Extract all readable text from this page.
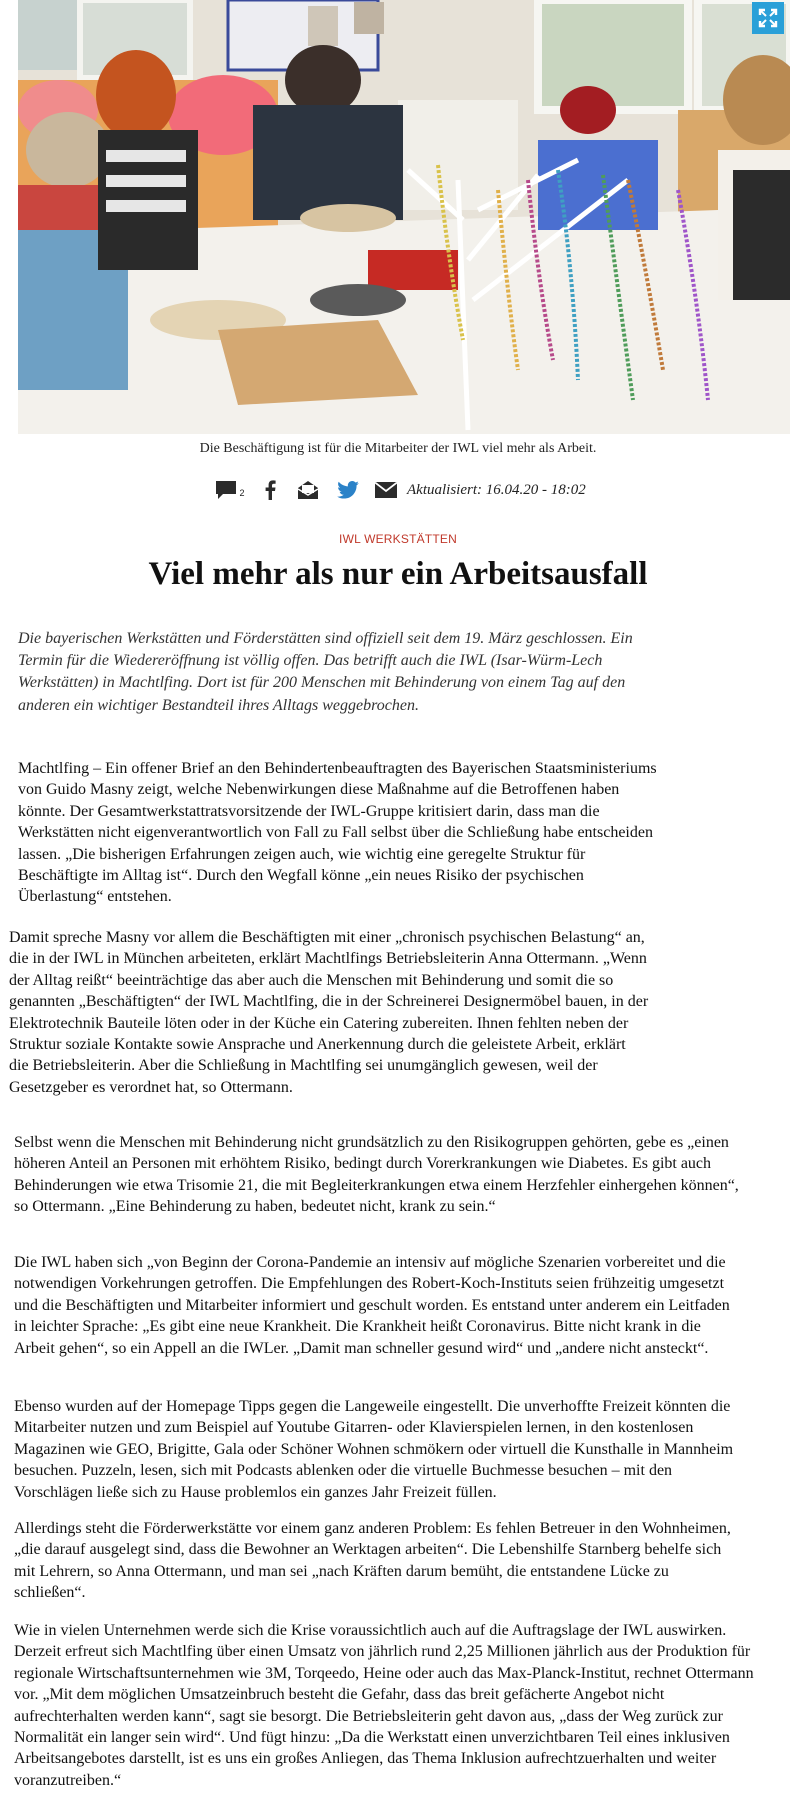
Die Beschäftigung ist für die Mitarbeiter der IWL viel mehr als Arbeit.
2	Aktualisiert: 16.04.20 - 18:02
IWL WERKSTÄTTEN
Viel mehr als nur ein Arbeitsausfall

Die bayerischen Werkstätten und Förderstätten sind offiziell seit dem 19. März geschlossen. Ein Termin für die Wiedereröffnung ist völlig offen. Das betrifft auch die IWL (Isar-Würm-Lech Werkstätten) in Machtlfing. Dort ist für 200 Menschen mit Behinderung von einem Tag auf den anderen ein wichtiger Bestandteil ihres Alltags weggebrochen.

Machtlfing – Ein offener Brief an den Behindertenbeauftragten des Bayerischen Staatsministeriums von Guido Masny zeigt, welche Nebenwirkungen diese Maßnahme auf die Betroffenen haben könnte. Der Gesamtwerkstattratsvorsitzende der IWL-Gruppe kritisiert darin, dass man die Werkstätten nicht eigenverantwortlich von Fall zu Fall selbst über die Schließung habe entscheiden lassen. „Die bisherigen Erfahrungen zeigen auch, wie wichtig eine geregelte Struktur für Beschäftigte im Alltag ist“. Durch den Wegfall könne „ein neues Risiko der psychischen Überlastung“ entstehen.

Damit spreche Masny vor allem die Beschäftigten mit einer „chronisch psychischen Belastung“ an, die in der IWL in München arbeiteten, erklärt Machtlfings Betriebsleiterin Anna Ottermann. „Wenn der Alltag reißt“ beeinträchtige das aber auch die Menschen mit Behinderung und somit die so genannten „Beschäftigten“ der IWL Machtlfing, die in der Schreinerei Designermöbel bauen, in der Elektrotechnik Bauteile löten oder in der Küche ein Catering zubereiten. Ihnen fehlten neben der Struktur soziale Kontakte sowie Ansprache und Anerkennung durch die geleistete Arbeit, erklärt die Betriebsleiterin. Aber die Schließung in Machtlfing sei unumgänglich gewesen, weil der Gesetzgeber es verordnet hat, so Ottermann.

Selbst wenn die Menschen mit Behinderung nicht grundsätzlich zu den Risikogruppen gehörten, gebe es „einen höheren Anteil an Personen mit erhöhtem Risiko, bedingt durch Vorerkrankungen wie Diabetes. Es gibt auch Behinderungen wie etwa Trisomie 21, die mit Begleiterkrankungen etwa einem Herzfehler einhergehen können“, so Ottermann. „Eine Behinderung zu haben, bedeutet nicht, krank zu sein.“

Die IWL haben sich „von Beginn der Corona-Pandemie an intensiv auf mögliche Szenarien vorbereitet und die notwendigen Vorkehrungen getroffen. Die Empfehlungen des Robert-Koch-Instituts seien frühzeitig umgesetzt und die Beschäftigten und Mitarbeiter informiert und geschult worden. Es entstand unter anderem ein Leitfaden in leichter Sprache: „Es gibt eine neue Krankheit. Die Krankheit heißt Coronavirus. Bitte nicht krank in die Arbeit gehen“, so ein Appell an die IWLer. „Damit man schneller gesund wird“ und „andere nicht ansteckt“.

Ebenso wurden auf der Homepage Tipps gegen die Langeweile eingestellt. Die unverhoffte Freizeit könnten die Mitarbeiter nutzen und zum Beispiel auf Youtube Gitarren- oder Klavierspielen lernen, in den kostenlosen Magazinen wie GEO, Brigitte, Gala oder Schöner Wohnen schmökern oder virtuell die Kunsthalle in Mannheim besuchen. Puzzeln, lesen, sich mit Podcasts ablenken oder die virtuelle Buchmesse besuchen – mit den Vorschlägen ließe sich zu Hause problemlos ein ganzes Jahr Freizeit füllen.

Allerdings steht die Förderwerkstätte vor einem ganz anderen Problem: Es fehlen Betreuer in den Wohnheimen, „die darauf ausgelegt sind, dass die Bewohner an Werktagen arbeiten“. Die Lebenshilfe Starnberg behelfe sich mit Lehrern, so Anna Ottermann, und man sei „nach Kräften darum bemüht, die entstandene Lücke zu schließen“.

Wie in vielen Unternehmen werde sich die Krise voraussichtlich auch auf die Auftragslage der IWL auswirken. Derzeit erfreut sich Machtlfing über einen Umsatz von jährlich rund 2,25 Millionen jährlich aus der Produktion für regionale Wirtschaftsunternehmen wie 3M, Torqeedo, Heine oder auch das Max-Planck-Institut, rechnet Ottermann vor. „Mit dem möglichen Umsatzeinbruch besteht die Gefahr, dass das breit gefächerte Angebot nicht aufrechterhalten werden kann“, sagt sie besorgt. Die Betriebsleiterin geht davon aus, „dass der Weg zurück zur Normalität ein langer sein wird“. Und fügt hinzu: „Da die Werkstatt einen unverzichtbaren Teil eines inklusiven Arbeitsangebotes darstellt, ist es uns ein großes Anliegen, das Thema Inklusion aufrechtzuerhalten und weiter voranzutreiben.“
